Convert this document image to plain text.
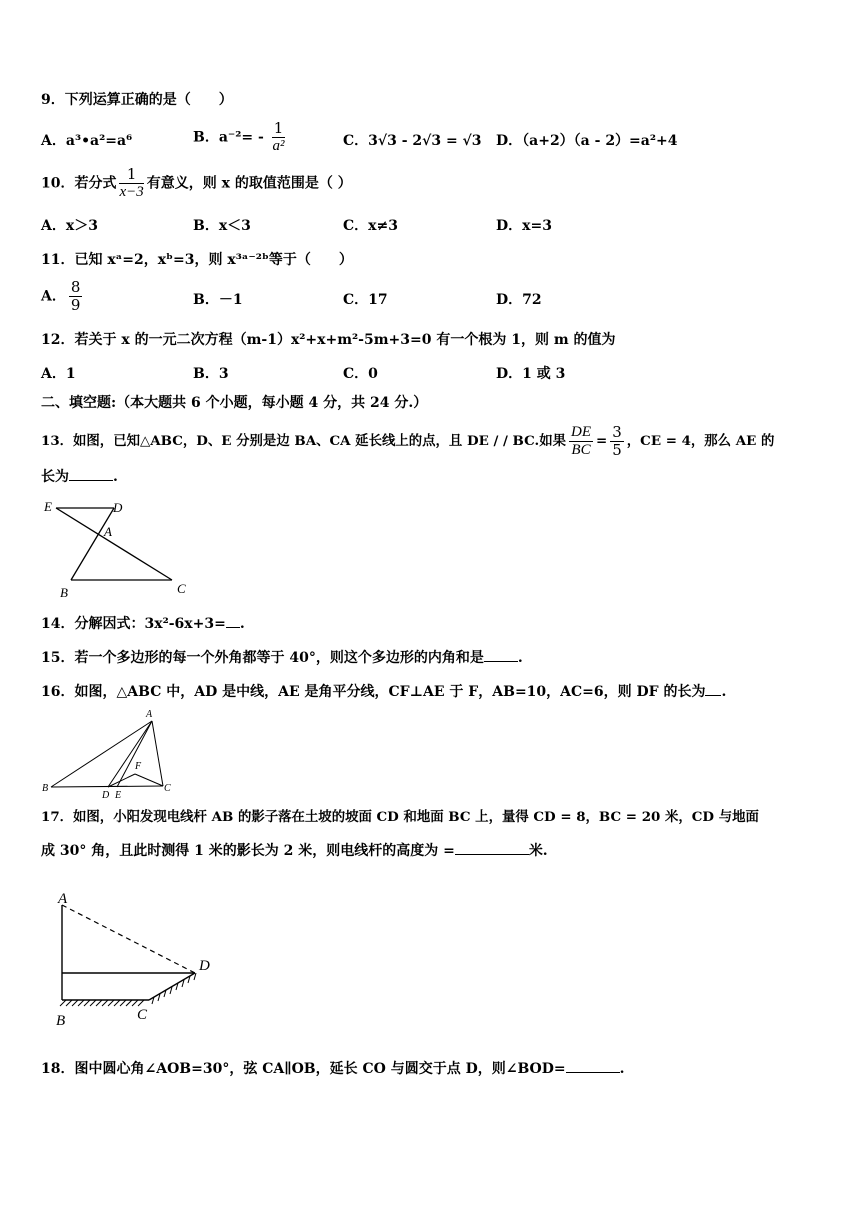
9．下列运算正确的是（　　）
A．a³•a²=a⁶	B．$a^{-2}= - \frac{1}{\text{a²}}$	C．3√3 - 2√3 = √3 D．（a+2）（a - 2）=a²+4
10．若分式 $\frac{1}{x-3}$ 有意义，则 x 的取值范围是（ ）
A．x＞3	B．x＜3	C．x≠3	D．x=3
11．已知 xᵃ=2，xᵇ=3，则 x³ᵃ⁻²ᵇ等于（　　）
A． $\frac{8}{9}$	B．－1	C．17	D．72
12．若关于 x 的一元二次方程（m-1）x²+x+m²-5m+3=0 有一个根为 1，则 m 的值为
A．1	B．3	C．0	D．1 或 3
二、填空题:（本大题共 6 个小题，每小题 4 分，共 24 分.）
13．如图，已知△ABC，D、E 分别是边 BA、CA 延长线上的点，且 DE / / BC.如果 $\frac{DE}{BC} = \frac{3}{5}$ ，CE = 4，那么 AE 的
长为	.
E	D
A
B	C
14．分解因式：3x²-6x+3= .
15．若一个多边形的每一个外角都等于 40°，则这个多边形的内角和是 .
16．如图，△ABC 中，AD 是中线，AE 是角平分线，CF⊥AE 于 F，AB=10，AC=6，则 DF 的长为 .
A
B	C
D E
F
17．如图，小阳发现电线杆 AB 的影子落在土坡的坡面 CD 和地面 BC 上，量得 CD = 8，BC = 20 米，CD 与地面
成 30° 角，且此时测得 1 米的影长为 2 米，则电线杆的高度为 =	米.
A
B	C
D
18．图中圆心角∠AOB=30°，弦 CA∥OB，延长 CO 与圆交于点 D，则∠BOD=	.
